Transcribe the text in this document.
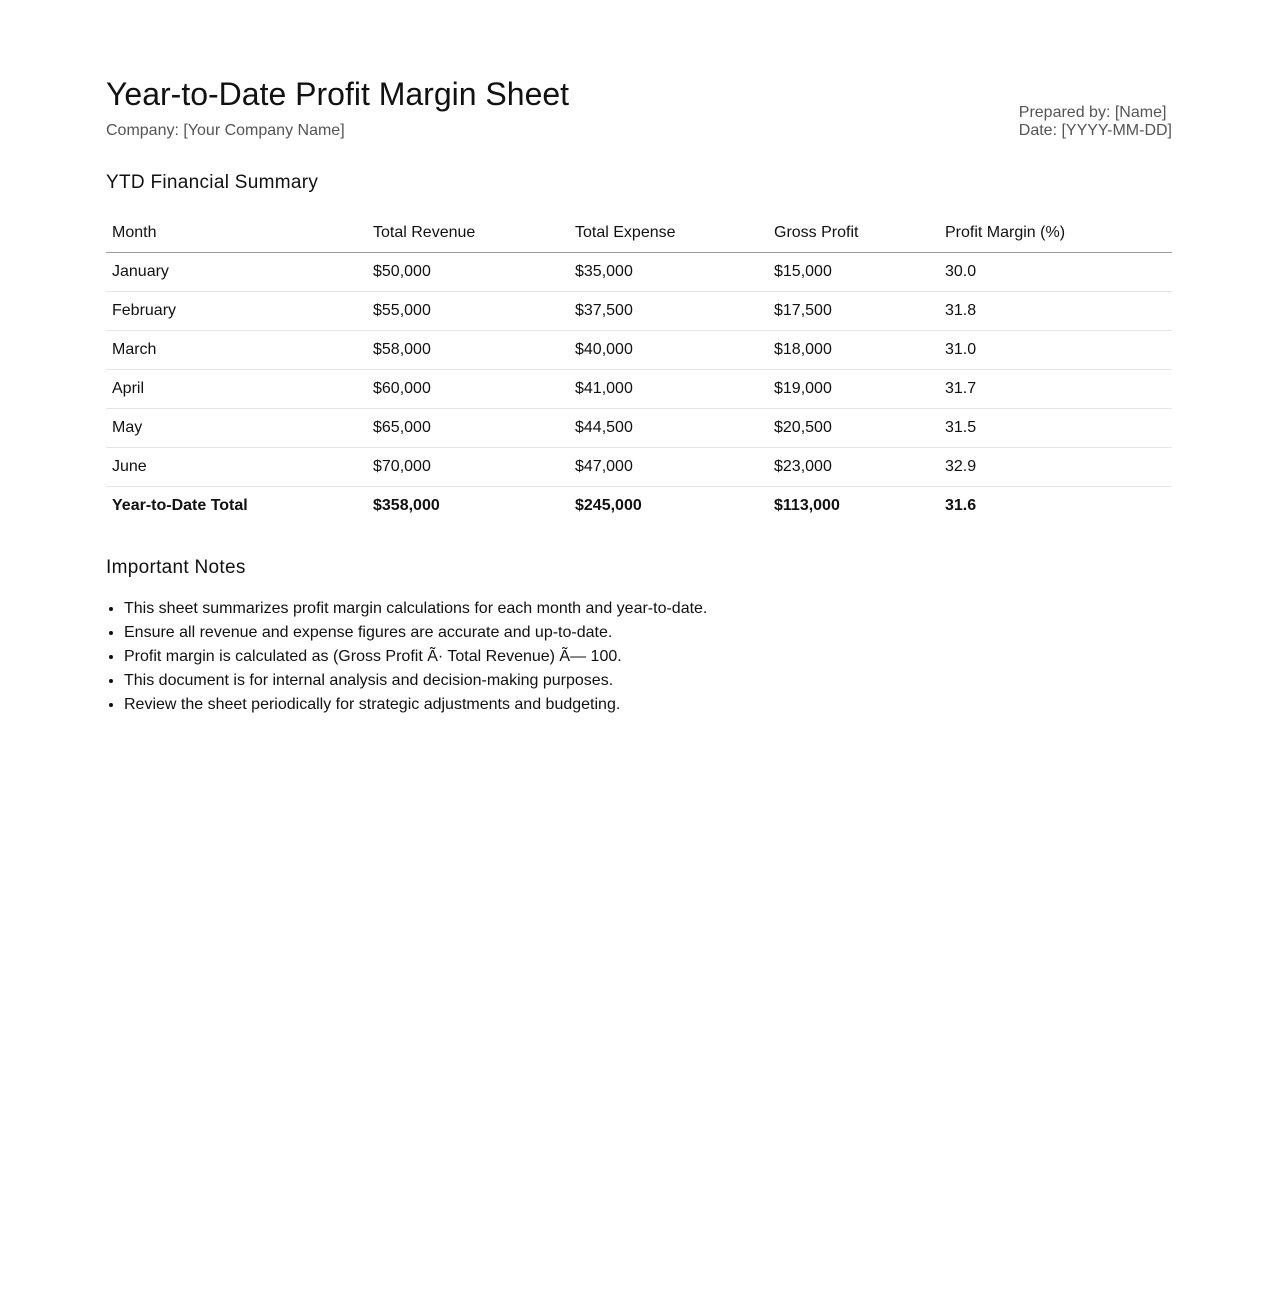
Year-to-Date Profit Margin Sheet
Company: [Your Company Name]
Prepared by: [Name]
Date: [YYYY-MM-DD]
YTD Financial Summary
Month	Total Revenue	Total Expense	Gross Profit	Profit Margin (%)
January	$50,000	$35,000	$15,000	30.0
February	$55,000	$37,500	$17,500	31.8
March	$58,000	$40,000	$18,000	31.0
April	$60,000	$41,000	$19,000	31.7
May	$65,000	$44,500	$20,500	31.5
June	$70,000	$47,000	$23,000	32.9
Year-to-Date Total	$358,000	$245,000	$113,000	31.6
Important Notes
• This sheet summarizes profit margin calculations for each month and year-to-date.
• Ensure all revenue and expense figures are accurate and up-to-date.
• Profit margin is calculated as (Gross Profit Ã· Total Revenue) Ã— 100.
• This document is for internal analysis and decision-making purposes.
• Review the sheet periodically for strategic adjustments and budgeting.
